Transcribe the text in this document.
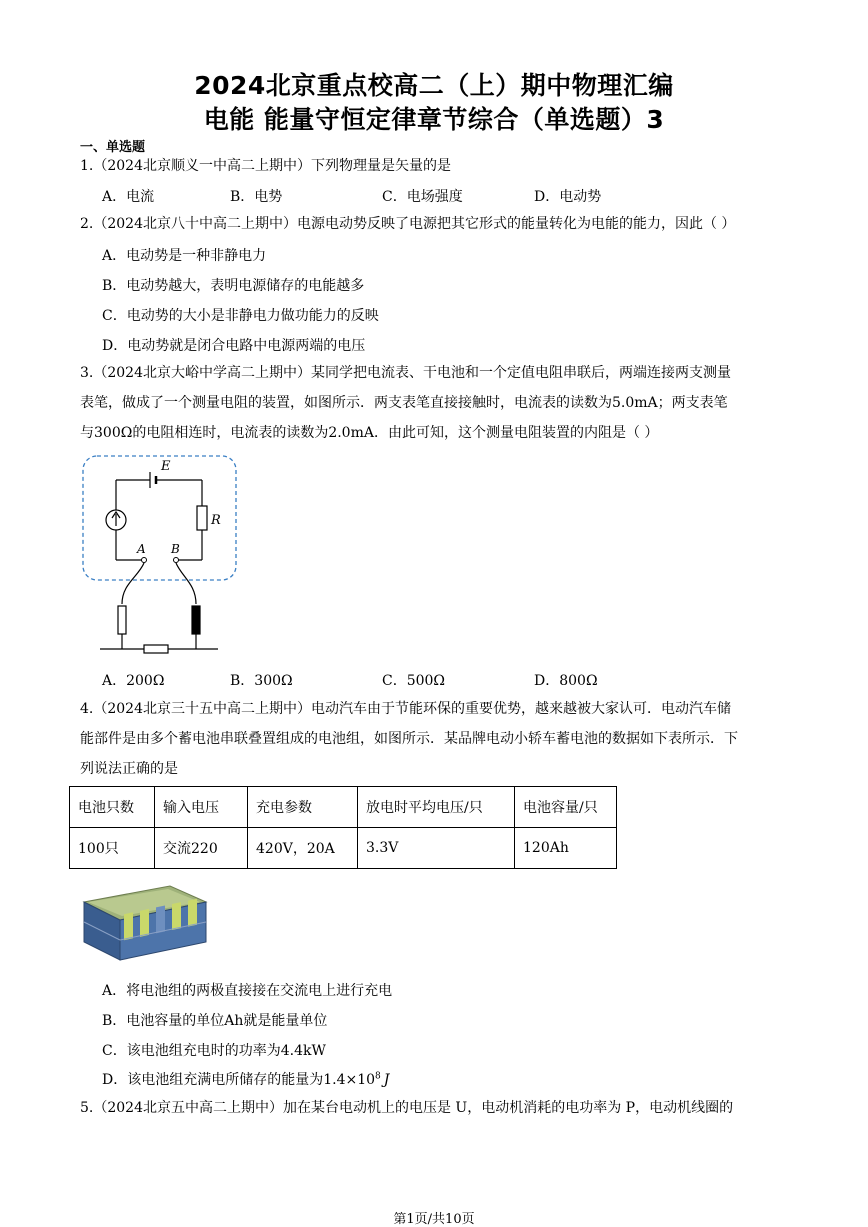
2024北京重点校高二（上）期中物理汇编
电能 能量守恒定律章节综合（单选题）3
一、单选题
1.（2024北京顺义一中高二上期中）下列物理量是矢量的是
A．电流	B．电势	C．电场强度	D．电动势
2.（2024北京八十中高二上期中）电源电动势反映了电源把其它形式的能量转化为电能的能力，因此（ ）
A．电动势是一种非静电力
B．电动势越大，表明电源储存的电能越多
C．电动势的大小是非静电力做功能力的反映
D．电动势就是闭合电路中电源两端的电压
3.（2024北京大峪中学高二上期中）某同学把电流表、干电池和一个定值电阻串联后，两端连接两支测量
表笔，做成了一个测量电阻的装置，如图所示．两支表笔直接接触时，电流表的读数为5.0mA；两支表笔
与300Ω的电阻相连时，电流表的读数为2.0mA．由此可知，这个测量电阻装置的内阻是（ ）
E
A
R
B
A．200Ω	B．300Ω	C．500Ω	D．800Ω
4.（2024北京三十五中高二上期中）电动汽车由于节能环保的重要优势，越来越被大家认可．电动汽车储
能部件是由多个蓄电池串联叠置组成的电池组，如图所示．某品牌电动小轿车蓄电池的数据如下表所示．下
列说法正确的是
电池只数	输入电压	充电参数	放电时平均电压/只	电池容量/只
100只	交流220	420V，20A	3.3V	120Ah
A．将电池组的两极直接接在交流电上进行充电
B．电池容量的单位Ah就是能量单位
C．该电池组充电时的功率为4.4kW
D．该电池组充满电所储存的能量为$1.4\times 10^8$ J
5.（2024北京五中高二上期中）加在某台电动机上的电压是 U，电动机消耗的电功率为 P，电动机线圈的
第1页/共10页
